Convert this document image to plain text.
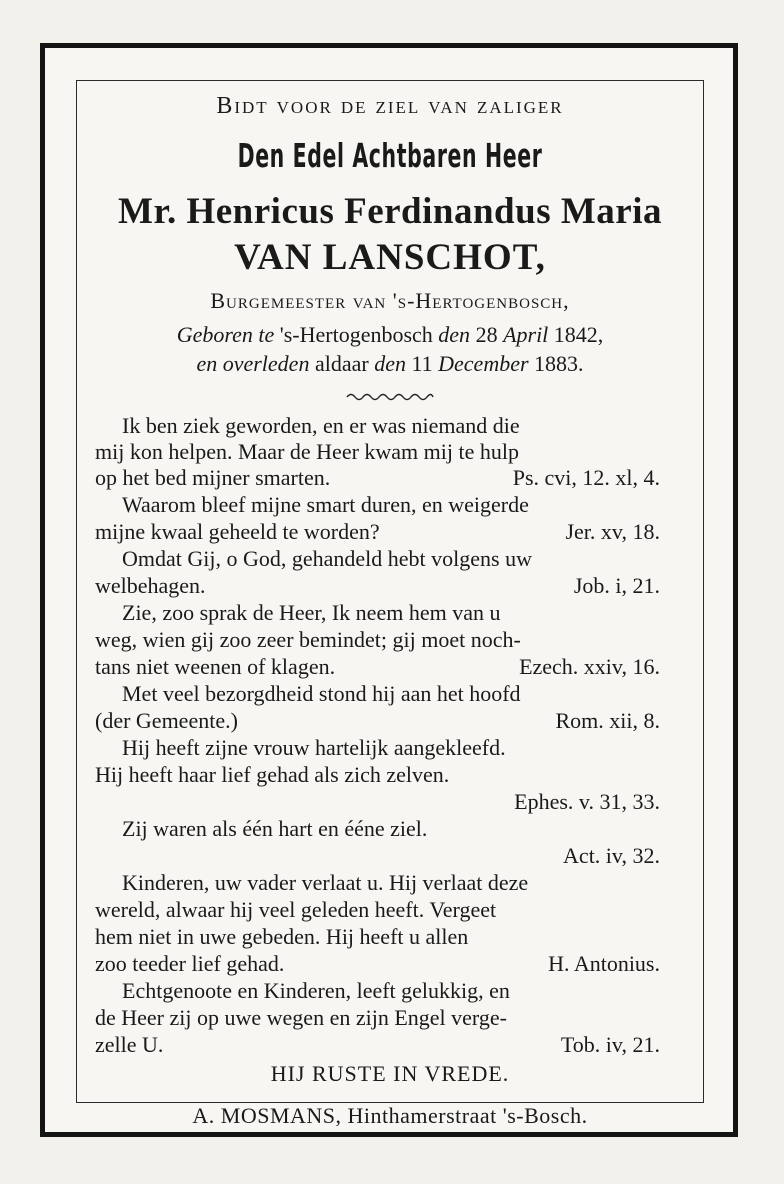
Bidt voor de ziel van zaliger
Den Edel Achtbaren Heer
Mr. Henricus Ferdinandus Maria
VAN LANSCHOT,
Burgemeester van 's-Hertogenbosch,
Geboren te 's-Hertogenbosch den 28 April 1842,
en overleden aldaar den 11 December 1883.
Ik ben ziek geworden, en er was niemand die
mij kon helpen. Maar de Heer kwam mij te hulp
op het bed mijner smarten.	Ps. cvi, 12. xl, 4.
Waarom bleef mijne smart duren, en weigerde
mijne kwaal geheeld te worden?	Jer. xv, 18.
Omdat Gij, o God, gehandeld hebt volgens uw
welbehagen.	Job. i, 21.
Zie, zoo sprak de Heer, Ik neem hem van u
weg, wien gij zoo zeer bemindet; gij moet noch-
tans niet weenen of klagen.	Ezech. xxiv, 16.
Met veel bezorgdheid stond hij aan het hoofd
(der Gemeente.)	Rom. xii, 8.
Hij heeft zijne vrouw hartelijk aangekleefd.
Hij heeft haar lief gehad als zich zelven.
Ephes. v. 31, 33.
Zij waren als één hart en ééne ziel.
Act. iv, 32.
Kinderen, uw vader verlaat u. Hij verlaat deze
wereld, alwaar hij veel geleden heeft. Vergeet
hem niet in uwe gebeden. Hij heeft u allen
zoo teeder lief gehad.	H. Antonius.
Echtgenoote en Kinderen, leeft gelukkig, en
de Heer zij op uwe wegen en zijn Engel verge-
zelle U.	Tob. iv, 21.
HIJ RUSTE IN VREDE.
A. MOSMANS, Hinthamerstraat 's-Bosch.
